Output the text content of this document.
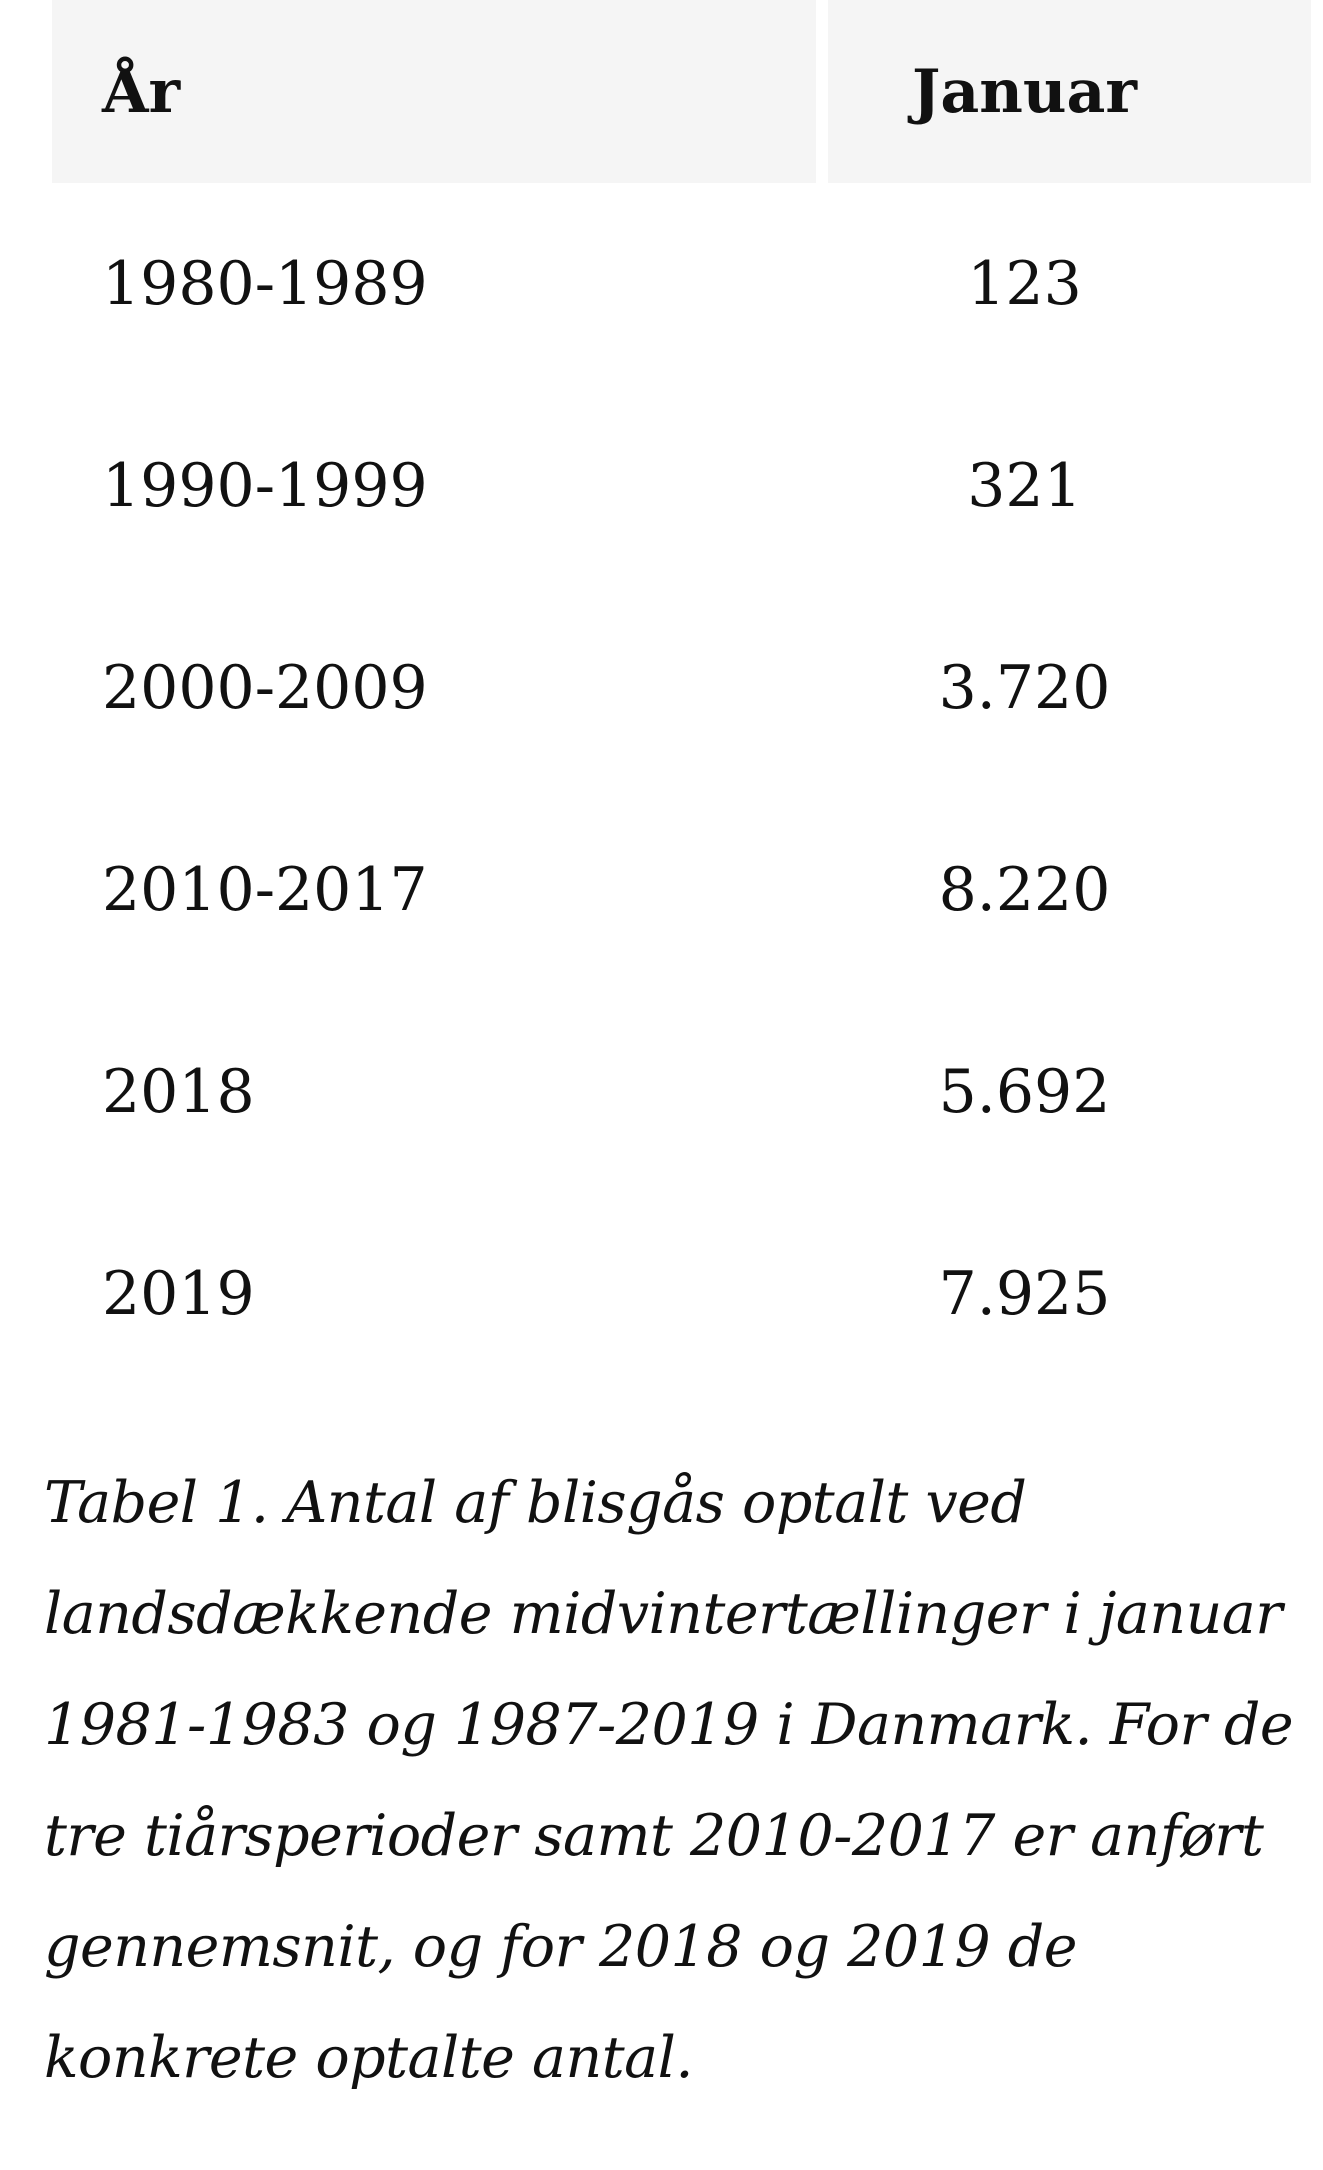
År	Januar
1980-1989	123
1990-1999	321
2000-2009	3.720
2010-2017	8.220
2018	5.692
2019	7.925

Tabel 1. Antal af blisgås optalt ved landsdækkende midvintertællinger i januar 1981-1983 og 1987-2019 i Danmark. For de tre tiårsperioder samt 2010-2017 er anført gennemsnit, og for 2018 og 2019 de konkrete optalte antal.
